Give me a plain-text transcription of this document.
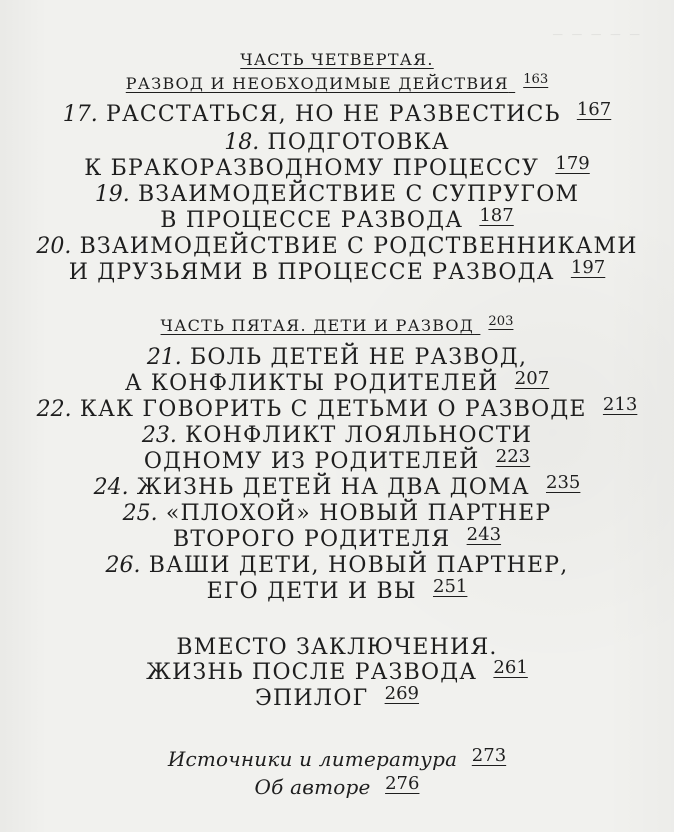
— — — — —
ЧАСТЬ ЧЕТВЕРТАЯ.
РАЗВОД И НЕОБХОДИМЫЕ ДЕЙСТВИЯ 163
17. РАССТАТЬСЯ, НО НЕ РАЗВЕСТИСЬ 167
18. ПОДГОТОВКА
К БРАКОРАЗВОДНОМУ ПРОЦЕССУ 179
19. ВЗАИМОДЕЙСТВИЕ С СУПРУГОМ
В ПРОЦЕССЕ РАЗВОДА 187
20. ВЗАИМОДЕЙСТВИЕ С РОДСТВЕННИКАМИ
И ДРУЗЬЯМИ В ПРОЦЕССЕ РАЗВОДА 197
ЧАСТЬ ПЯТАЯ. ДЕТИ И РАЗВОД 203
21. БОЛЬ ДЕТЕЙ НЕ РАЗВОД,
А КОНФЛИКТЫ РОДИТЕЛЕЙ 207
22. КАК ГОВОРИТЬ С ДЕТЬМИ О РАЗВОДЕ 213
23. КОНФЛИКТ ЛОЯЛЬНОСТИ
ОДНОМУ ИЗ РОДИТЕЛЕЙ 223
24. ЖИЗНЬ ДЕТЕЙ НА ДВА ДОМА 235
25. «ПЛОХОЙ» НОВЫЙ ПАРТНЕР
ВТОРОГО РОДИТЕЛЯ 243
26. ВАШИ ДЕТИ, НОВЫЙ ПАРТНЕР,
ЕГО ДЕТИ И ВЫ 251
ВМЕСТО ЗАКЛЮЧЕНИЯ.
ЖИЗНЬ ПОСЛЕ РАЗВОДА 261
ЭПИЛОГ 269
Источники и литература 273
Об авторе 276
